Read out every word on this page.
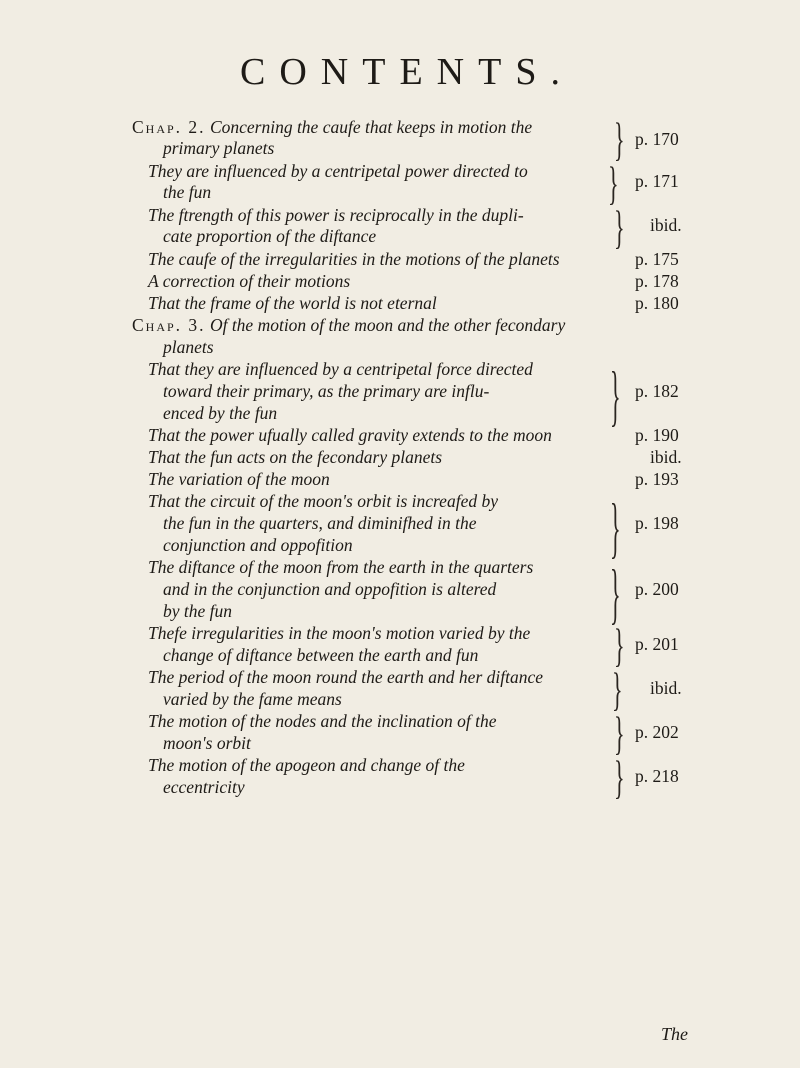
CONTENTS.
Chap. 2. Concerning the caufe that keeps in motion the
primary planets	} p. 170
They are influenced by a centripetal power directed to
the fun	} p. 171
The ftrength of this power is reciprocally in the dupli-
cate proportion of the diftance	} ibid.
The caufe of the irregularities in the motions of the planets	p. 175
A correction of their motions	p. 178
That the frame of the world is not eternal	p. 180
Chap. 3. Of the motion of the moon and the other fecondary
planets
That they are influenced by a centripetal force directed
toward their primary, as the primary are influ-
enced by the fun	} p. 182
That the power ufually called gravity extends to the moon	p. 190
That the fun acts on the fecondary planets	ibid.
The variation of the moon	p. 193
That the circuit of the moon's orbit is increafed by
the fun in the quarters, and diminifhed in the
conjunction and oppofition	} p. 198
The diftance of the moon from the earth in the quarters
and in the conjunction and oppofition is altered
by the fun	} p. 200
Thefe irregularities in the moon's motion varied by the
change of diftance between the earth and fun	} p. 201
The period of the moon round the earth and her diftance
varied by the fame means	} ibid.
The motion of the nodes and the inclination of the
moon's orbit	} p. 202
The motion of the apogeon and change of the
eccentricity	} p. 218
The
